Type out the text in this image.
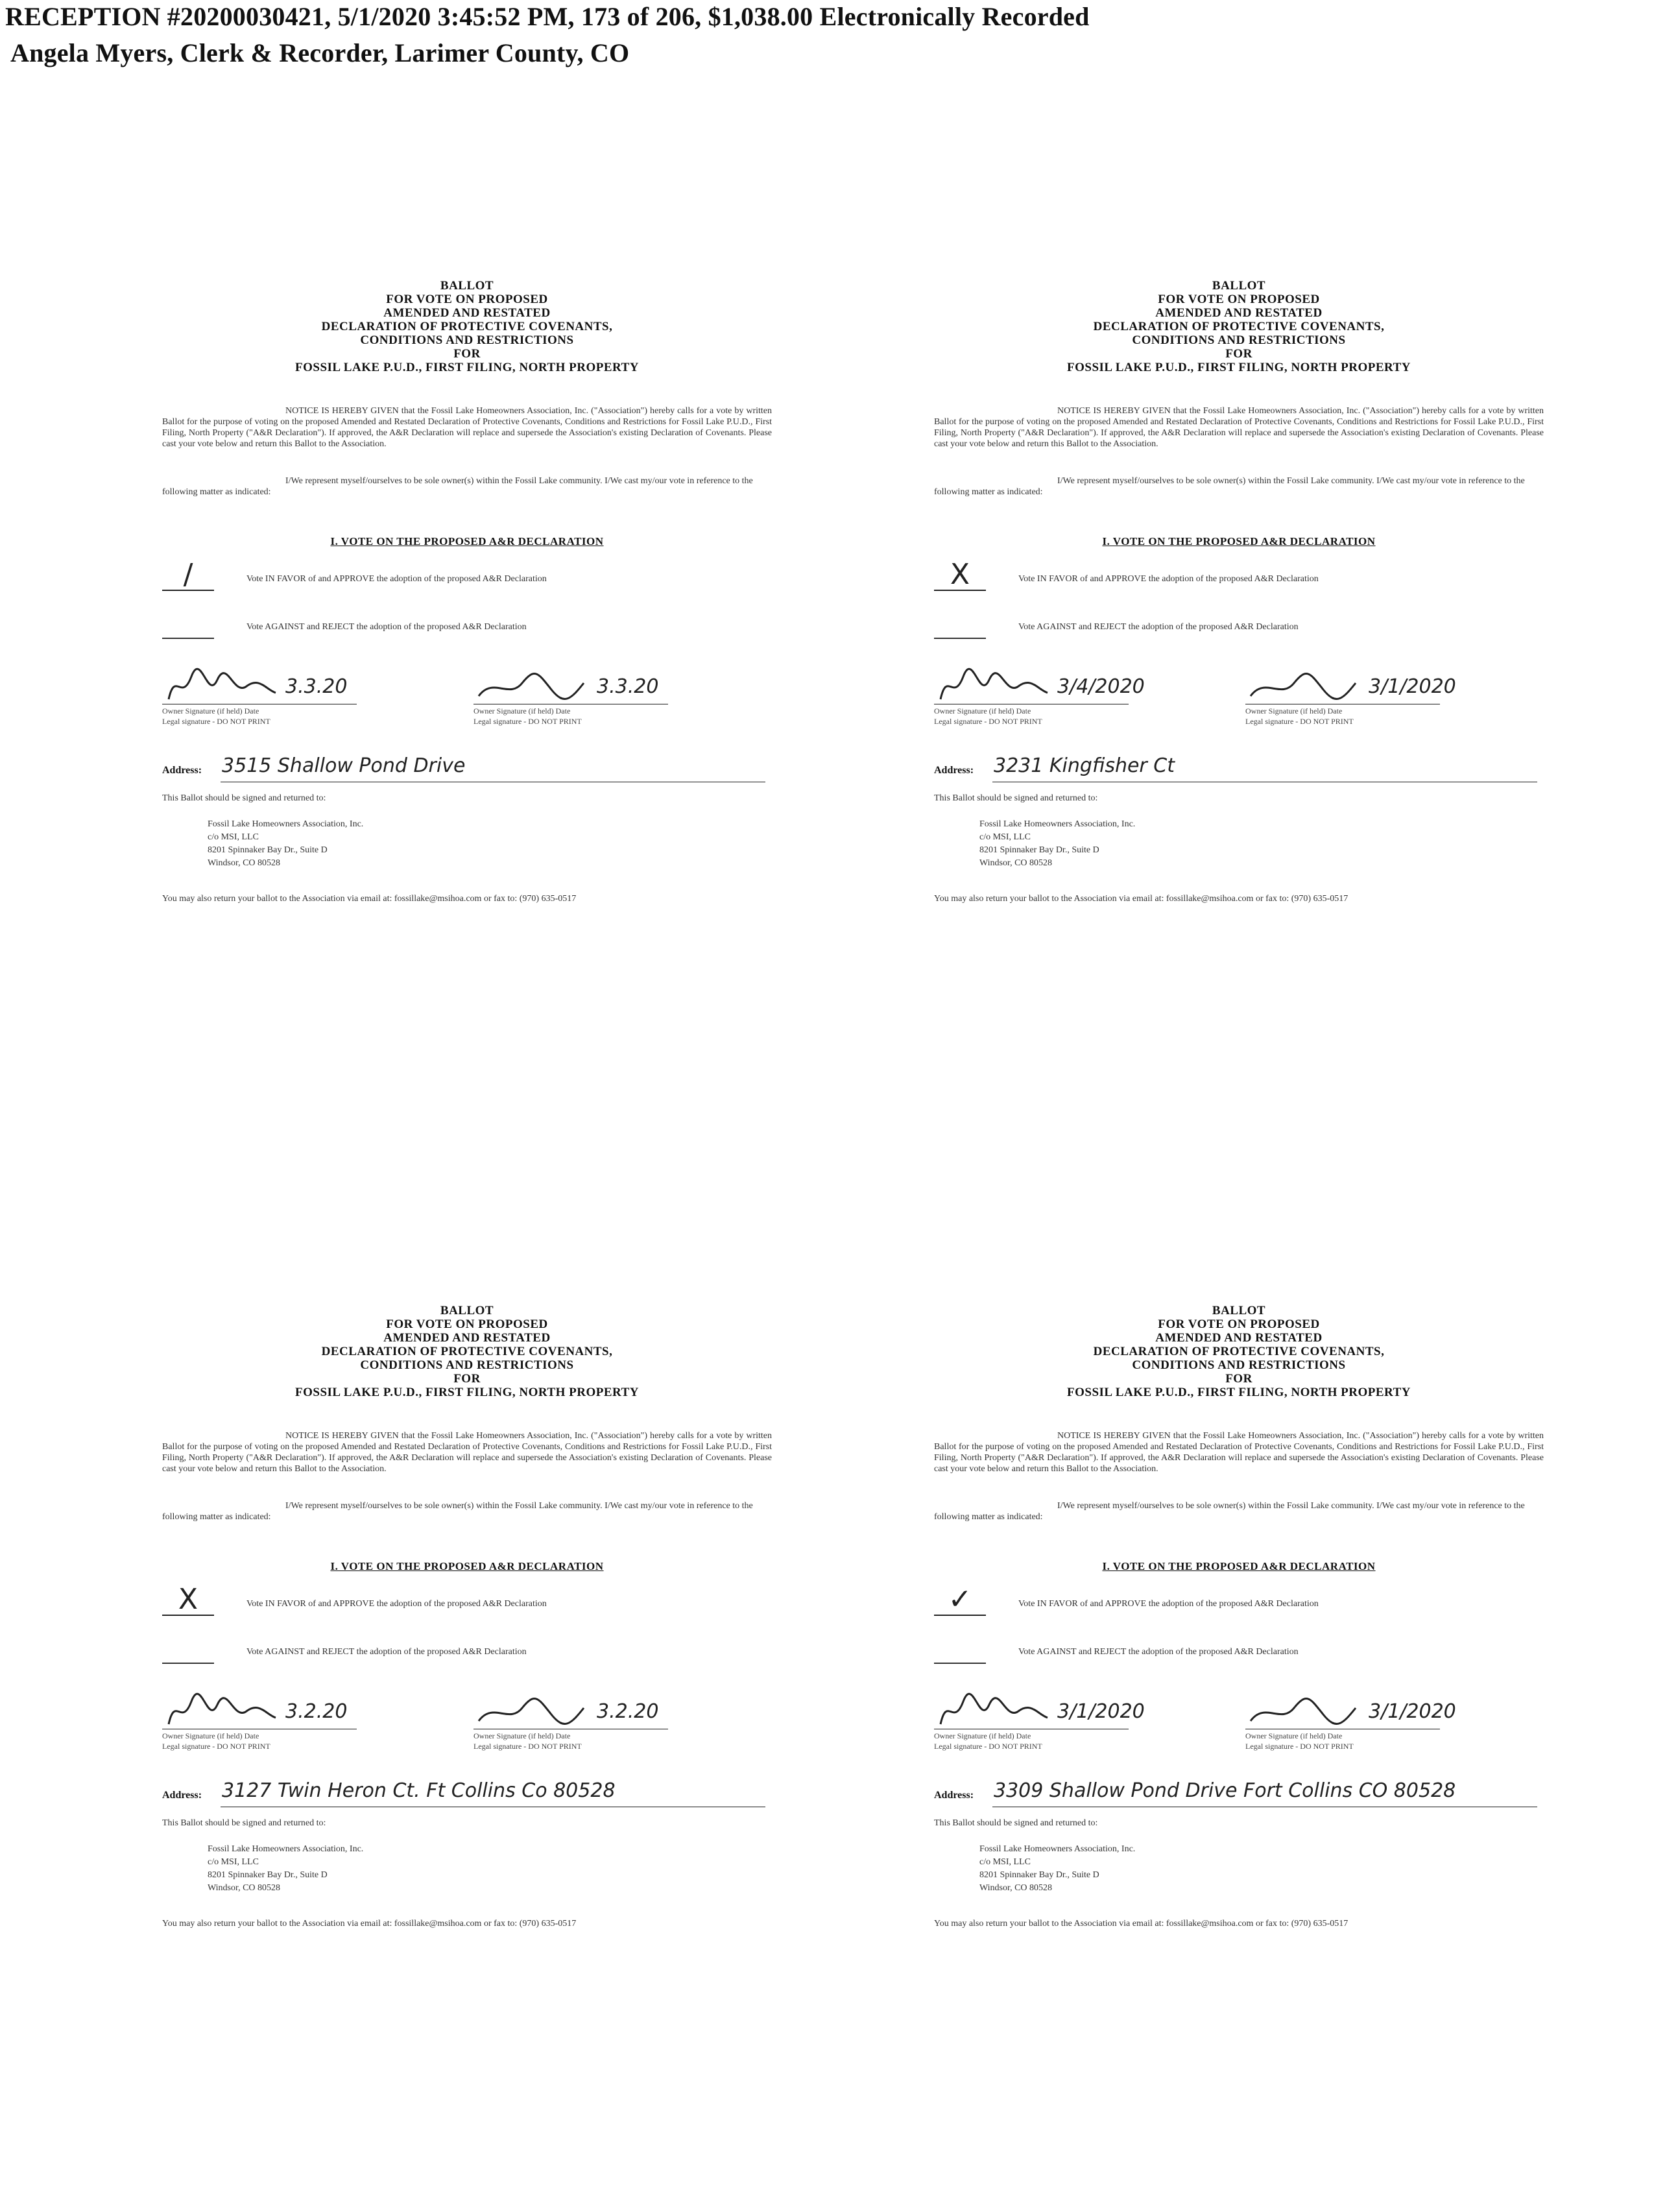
RECEPTION #20200030421, 5/1/2020 3:45:52 PM, 173 of 206, $1,038.00 Electronically Recorded
Angela Myers, Clerk & Recorder, Larimer County, CO
BALLOT
FOR VOTE ON PROPOSED
AMENDED AND RESTATED
DECLARATION OF PROTECTIVE COVENANTS,
CONDITIONS AND RESTRICTIONS
FOR
FOSSIL LAKE P.U.D., FIRST FILING, NORTH PROPERTY
NOTICE IS HEREBY GIVEN that the Fossil Lake Homeowners Association, Inc. ("Association") hereby calls for a vote by written Ballot for the purpose of voting on the proposed Amended and Restated Declaration of Protective Covenants, Conditions and Restrictions for Fossil Lake P.U.D., First Filing, North Property ("A&R Declaration"). If approved, the A&R Declaration will replace and supersede the Association's existing Declaration of Covenants. Please cast your vote below and return this Ballot to the Association.
I/We represent myself/ourselves to be sole owner(s) within the Fossil Lake community. I/We cast my/our vote in reference to the following matter as indicated:
I. VOTE ON THE PROPOSED A&R DECLARATION
/	Vote IN FAVOR of and APPROVE the adoption of the proposed A&R Declaration
Vote AGAINST and REJECT the adoption of the proposed A&R Declaration
3.3.20
Owner Signature (if held) Date
Legal signature - DO NOT PRINT
3.3.20
Owner Signature (if held) Date
Legal signature - DO NOT PRINT
Address: 3515 Shallow Pond Drive
This Ballot should be signed and returned to:
Fossil Lake Homeowners Association, Inc.
c/o MSI, LLC
8201 Spinnaker Bay Dr., Suite D
Windsor, CO 80528
You may also return your ballot to the Association via email at: fossillake@msihoa.com or fax to: (970) 635-0517
BALLOT
FOR VOTE ON PROPOSED
AMENDED AND RESTATED
DECLARATION OF PROTECTIVE COVENANTS,
CONDITIONS AND RESTRICTIONS
FOR
FOSSIL LAKE P.U.D., FIRST FILING, NORTH PROPERTY
NOTICE IS HEREBY GIVEN that the Fossil Lake Homeowners Association, Inc. ("Association") hereby calls for a vote by written Ballot for the purpose of voting on the proposed Amended and Restated Declaration of Protective Covenants, Conditions and Restrictions for Fossil Lake P.U.D., First Filing, North Property ("A&R Declaration"). If approved, the A&R Declaration will replace and supersede the Association's existing Declaration of Covenants. Please cast your vote below and return this Ballot to the Association.
I/We represent myself/ourselves to be sole owner(s) within the Fossil Lake community. I/We cast my/our vote in reference to the following matter as indicated:
I. VOTE ON THE PROPOSED A&R DECLARATION
X	Vote IN FAVOR of and APPROVE the adoption of the proposed A&R Declaration
Vote AGAINST and REJECT the adoption of the proposed A&R Declaration
3/4/2020
Owner Signature (if held) Date
Legal signature - DO NOT PRINT
3/1/2020
Owner Signature (if held) Date
Legal signature - DO NOT PRINT
Address: 3231 Kingfisher Ct
This Ballot should be signed and returned to:
Fossil Lake Homeowners Association, Inc.
c/o MSI, LLC
8201 Spinnaker Bay Dr., Suite D
Windsor, CO 80528
You may also return your ballot to the Association via email at: fossillake@msihoa.com or fax to: (970) 635-0517
BALLOT
FOR VOTE ON PROPOSED
AMENDED AND RESTATED
DECLARATION OF PROTECTIVE COVENANTS,
CONDITIONS AND RESTRICTIONS
FOR
FOSSIL LAKE P.U.D., FIRST FILING, NORTH PROPERTY
NOTICE IS HEREBY GIVEN that the Fossil Lake Homeowners Association, Inc. ("Association") hereby calls for a vote by written Ballot for the purpose of voting on the proposed Amended and Restated Declaration of Protective Covenants, Conditions and Restrictions for Fossil Lake P.U.D., First Filing, North Property ("A&R Declaration"). If approved, the A&R Declaration will replace and supersede the Association's existing Declaration of Covenants. Please cast your vote below and return this Ballot to the Association.
I/We represent myself/ourselves to be sole owner(s) within the Fossil Lake community. I/We cast my/our vote in reference to the following matter as indicated:
I. VOTE ON THE PROPOSED A&R DECLARATION
X	Vote IN FAVOR of and APPROVE the adoption of the proposed A&R Declaration
Vote AGAINST and REJECT the adoption of the proposed A&R Declaration
3.2.20
Owner Signature (if held) Date
Legal signature - DO NOT PRINT
3.2.20
Owner Signature (if held) Date
Legal signature - DO NOT PRINT
Address: 3127 Twin Heron Ct. Ft Collins Co 80528
This Ballot should be signed and returned to:
Fossil Lake Homeowners Association, Inc.
c/o MSI, LLC
8201 Spinnaker Bay Dr., Suite D
Windsor, CO 80528
You may also return your ballot to the Association via email at: fossillake@msihoa.com or fax to: (970) 635-0517
BALLOT
FOR VOTE ON PROPOSED
AMENDED AND RESTATED
DECLARATION OF PROTECTIVE COVENANTS,
CONDITIONS AND RESTRICTIONS
FOR
FOSSIL LAKE P.U.D., FIRST FILING, NORTH PROPERTY
NOTICE IS HEREBY GIVEN that the Fossil Lake Homeowners Association, Inc. ("Association") hereby calls for a vote by written Ballot for the purpose of voting on the proposed Amended and Restated Declaration of Protective Covenants, Conditions and Restrictions for Fossil Lake P.U.D., First Filing, North Property ("A&R Declaration"). If approved, the A&R Declaration will replace and supersede the Association's existing Declaration of Covenants. Please cast your vote below and return this Ballot to the Association.
I/We represent myself/ourselves to be sole owner(s) within the Fossil Lake community. I/We cast my/our vote in reference to the following matter as indicated:
I. VOTE ON THE PROPOSED A&R DECLARATION
✓	Vote IN FAVOR of and APPROVE the adoption of the proposed A&R Declaration
Vote AGAINST and REJECT the adoption of the proposed A&R Declaration
3/1/2020
Owner Signature (if held) Date
Legal signature - DO NOT PRINT
3/1/2020
Owner Signature (if held) Date
Legal signature - DO NOT PRINT
Address: 3309 Shallow Pond Drive Fort Collins CO 80528
This Ballot should be signed and returned to:
Fossil Lake Homeowners Association, Inc.
c/o MSI, LLC
8201 Spinnaker Bay Dr., Suite D
Windsor, CO 80528
You may also return your ballot to the Association via email at: fossillake@msihoa.com or fax to: (970) 635-0517
